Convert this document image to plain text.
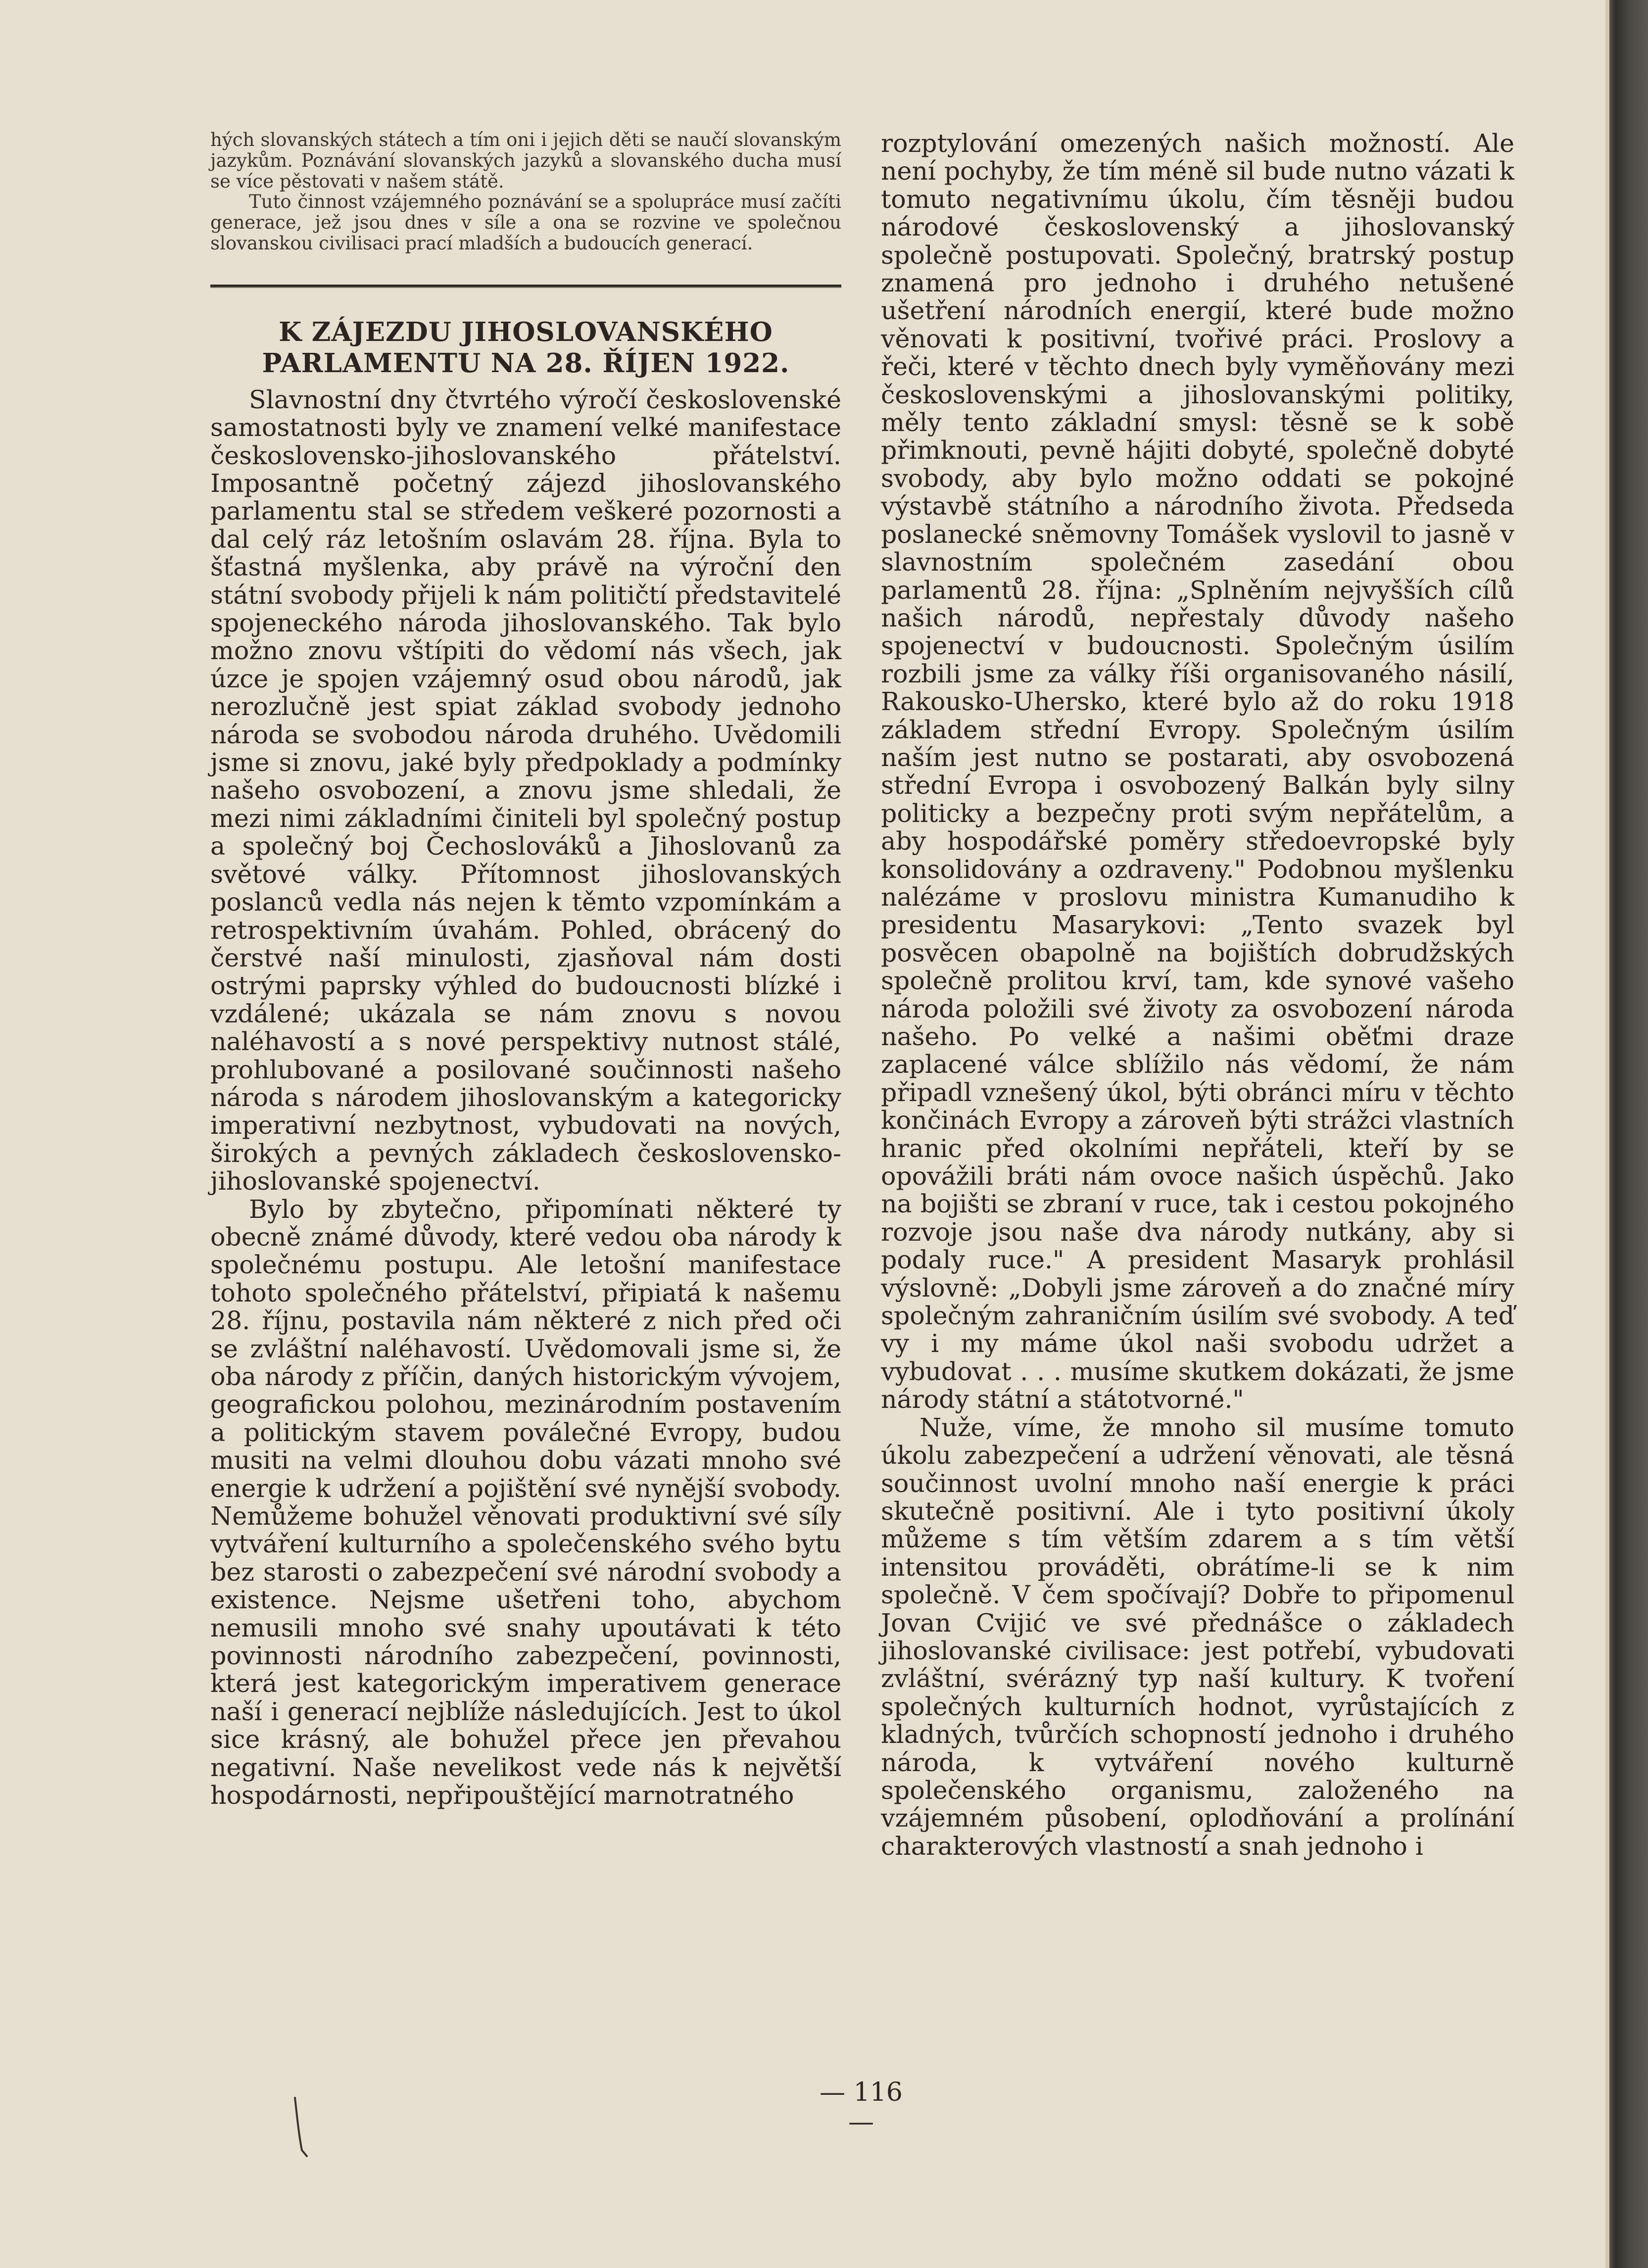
hých slovanských státech a tím oni i jejich děti se naučí slovanským jazykům. Poznávání slovanských jazyků a slovanského ducha musí se více pěstovati v našem státě.

Tuto činnost vzájemného poznávání se a spolupráce musí začíti generace, jež jsou dnes v síle a ona se rozvine ve společnou slovanskou civilisaci prací mladších a budoucích generací.

K ZÁJEZDU JIHOSLOVANSKÉHO PARLAMENTU NA 28. ŘÍJEN 1922.

Slavnostní dny čtvrtého výročí československé samostatnosti byly ve znamení velké manifestace československo-jihoslovanského přátelství. Imposantně početný zájezd jihoslovanského parlamentu stal se středem veškeré pozornosti a dal celý ráz letošním oslavám 28. října. Byla to šťastná myšlenka, aby právě na výroční den státní svobody přijeli k nám političtí představitelé spojeneckého národa jihoslovanského. Tak bylo možno znovu vštípiti do vědomí nás všech, jak úzce je spojen vzájemný osud obou národů, jak nerozlučně jest spiat základ svobody jednoho národa se svobodou národa druhého. Uvědomili jsme si znovu, jaké byly předpoklady a podmínky našeho osvobození, a znovu jsme shledali, že mezi nimi základními činiteli byl společný postup a společný boj Čechoslováků a Jihoslovanů za světové války. Přítomnost jihoslovanských poslanců vedla nás nejen k těmto vzpomínkám a retrospektivním úvahám. Pohled, obrácený do čerstvé naší minulosti, zjasňoval nám dosti ostrými paprsky výhled do budoucnosti blízké i vzdálené; ukázala se nám znovu s novou naléhavostí a s nové perspektivy nutnost stálé, prohlubované a posilované součinnosti našeho národa s národem jihoslovanským a kategoricky imperativní nezbytnost, vybudovati na nových, širokých a pevných základech československo-jihoslovanské spojenectví.

Bylo by zbytečno, připomínati některé ty obecně známé důvody, které vedou oba národy k společnému postupu. Ale letošní manifestace tohoto společného přátelství, připiatá k našemu 28. říjnu, postavila nám některé z nich před oči se zvláštní naléhavostí. Uvědomovali jsme si, že oba národy z příčin, daných historickým vývojem, geografickou polohou, mezinárodním postavením a politickým stavem poválečné Evropy, budou musiti na velmi dlouhou dobu vázati mnoho své energie k udržení a pojištění své nynější svobody. Nemůžeme bohužel věnovati produktivní své síly vytváření kulturního a společenského svého bytu bez starosti o zabezpečení své národní svobody a existence. Nejsme ušetřeni toho, abychom nemusili mnoho své snahy upoutávati k této povinnosti národního zabezpečení, povinnosti, která jest kategorickým imperativem generace naší i generací nejblíže následujících. Jest to úkol sice krásný, ale bohužel přece jen převahou negativní. Naše nevelikost vede nás k největší hospodárnosti, nepřipouštějící marnotratného

rozptylování omezených našich možností. Ale není pochyby, že tím méně sil bude nutno vázati k tomuto negativnímu úkolu, čím těsněji budou národové československý a jihoslovanský společně postupovati. Společný, bratrský postup znamená pro jednoho i druhého netušené ušetření národních energií, které bude možno věnovati k positivní, tvořivé práci. Proslovy a řeči, které v těchto dnech byly vyměňovány mezi československými a jihoslovanskými politiky, měly tento základní smysl: těsně se k sobě přimknouti, pevně hájiti dobyté, společně dobyté svobody, aby bylo možno oddati se pokojné výstavbě státního a národního života. Předseda poslanecké sněmovny Tomášek vyslovil to jasně v slavnostním společném zasedání obou parlamentů 28. října: „Splněním nejvyšších cílů našich národů, nepřestaly důvody našeho spojenectví v budoucnosti. Společným úsilím rozbili jsme za války říši organisovaného násilí, Rakousko-Uhersko, které bylo až do roku 1918 základem střední Evropy. Společným úsilím naším jest nutno se postarati, aby osvobozená střední Evropa i osvobozený Balkán byly silny politicky a bezpečny proti svým nepřátelům, a aby hospodářské poměry středoevropské byly konsolidovány a ozdraveny." Podobnou myšlenku nalézáme v proslovu ministra Kumanudiho k presidentu Masarykovi: „Tento svazek byl posvěcen obapolně na bojištích dobrudžských společně prolitou krví, tam, kde synové vašeho národa položili své životy za osvobození národa našeho. Po velké a našimi oběťmi draze zaplacené válce sblížilo nás vědomí, že nám připadl vznešený úkol, býti obránci míru v těchto končinách Evropy a zároveň býti strážci vlastních hranic před okolními nepřáteli, kteří by se opovážili bráti nám ovoce našich úspěchů. Jako na bojišti se zbraní v ruce, tak i cestou pokojného rozvoje jsou naše dva národy nutkány, aby si podaly ruce." A president Masaryk prohlásil výslovně: „Dobyli jsme zároveň a do značné míry společným zahraničním úsilím své svobody. A teď vy i my máme úkol naši svobodu udržet a vybudovat . . . musíme skutkem dokázati, že jsme národy státní a státotvorné."

Nuže, víme, že mnoho sil musíme tomuto úkolu zabezpečení a udržení věnovati, ale těsná součinnost uvolní mnoho naší energie k práci skutečně positivní. Ale i tyto positivní úkoly můžeme s tím větším zdarem a s tím větší intensitou prováděti, obrátíme-li se k nim společně. V čem spočívají? Dobře to připomenul Jovan Cvijić ve své přednášce o základech jihoslovanské civilisace: jest potřebí, vybudovati zvláštní, svérázný typ naší kultury. K tvoření společných kulturních hodnot, vyrůstajících z kladných, tvůrčích schopností jednoho i druhého národa, k vytváření nového kulturně společenského organismu, založeného na vzájemném působení, oplodňování a prolínání charakterových vlastností a snah jednoho i

— 116 —
